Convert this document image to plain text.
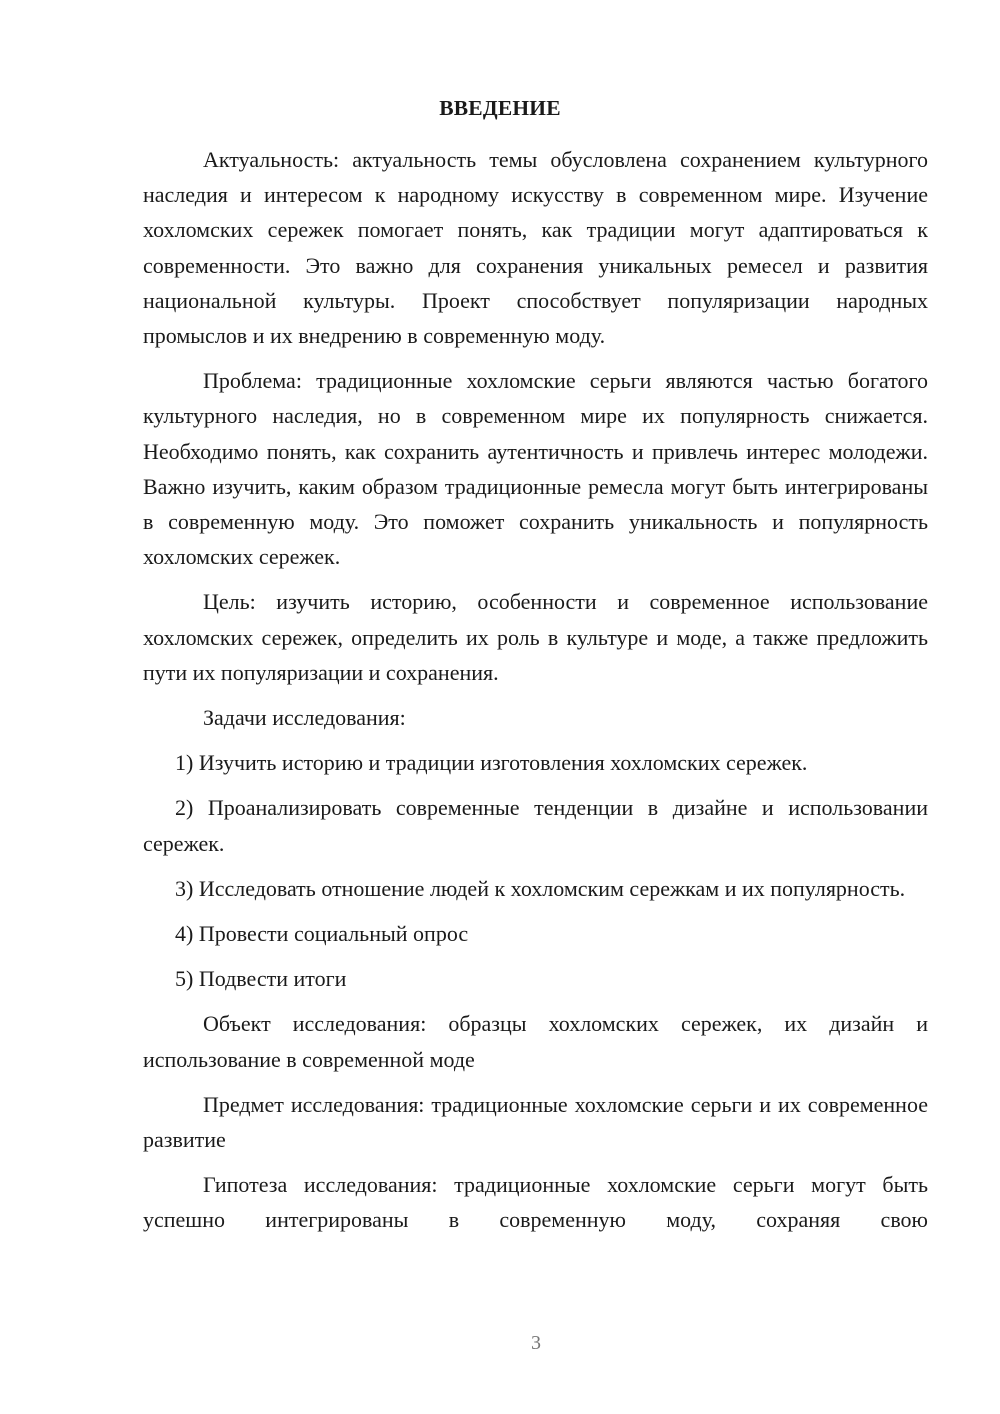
ВВЕДЕНИЕ

Актуальность: актуальность темы обусловлена сохранением культурного наследия и интересом к народному искусству в современном мире. Изучение хохломских сережек помогает понять, как традиции могут адаптироваться к современности. Это важно для сохранения уникальных ремесел и развития национальной культуры. Проект способствует популяризации народных промыслов и их внедрению в современную моду.

Проблема: традиционные хохломские серьги являются частью богатого культурного наследия, но в современном мире их популярность снижается. Необходимо понять, как сохранить аутентичность и привлечь интерес молодежи. Важно изучить, каким образом традиционные ремесла могут быть интегрированы в современную моду. Это поможет сохранить уникальность и популярность хохломских сережек.

Цель: изучить историю, особенности и современное использование хохломских сережек, определить их роль в культуре и моде, а также предложить пути их популяризации и сохранения.

Задачи исследования:

1) Изучить историю и традиции изготовления хохломских сережек.

2) Проанализировать современные тенденции в дизайне и использовании сережек.

3) Исследовать отношение людей к хохломским сережкам и их популярность.

4) Провести социальный опрос

5) Подвести итоги

Объект исследования: образцы хохломских сережек, их дизайн и использование в современной моде

Предмет исследования: традиционные хохломские серьги и их современное развитие

Гипотеза исследования: традиционные хохломские серьги могут быть успешно интегрированы в современную моду, сохраняя свою

3
